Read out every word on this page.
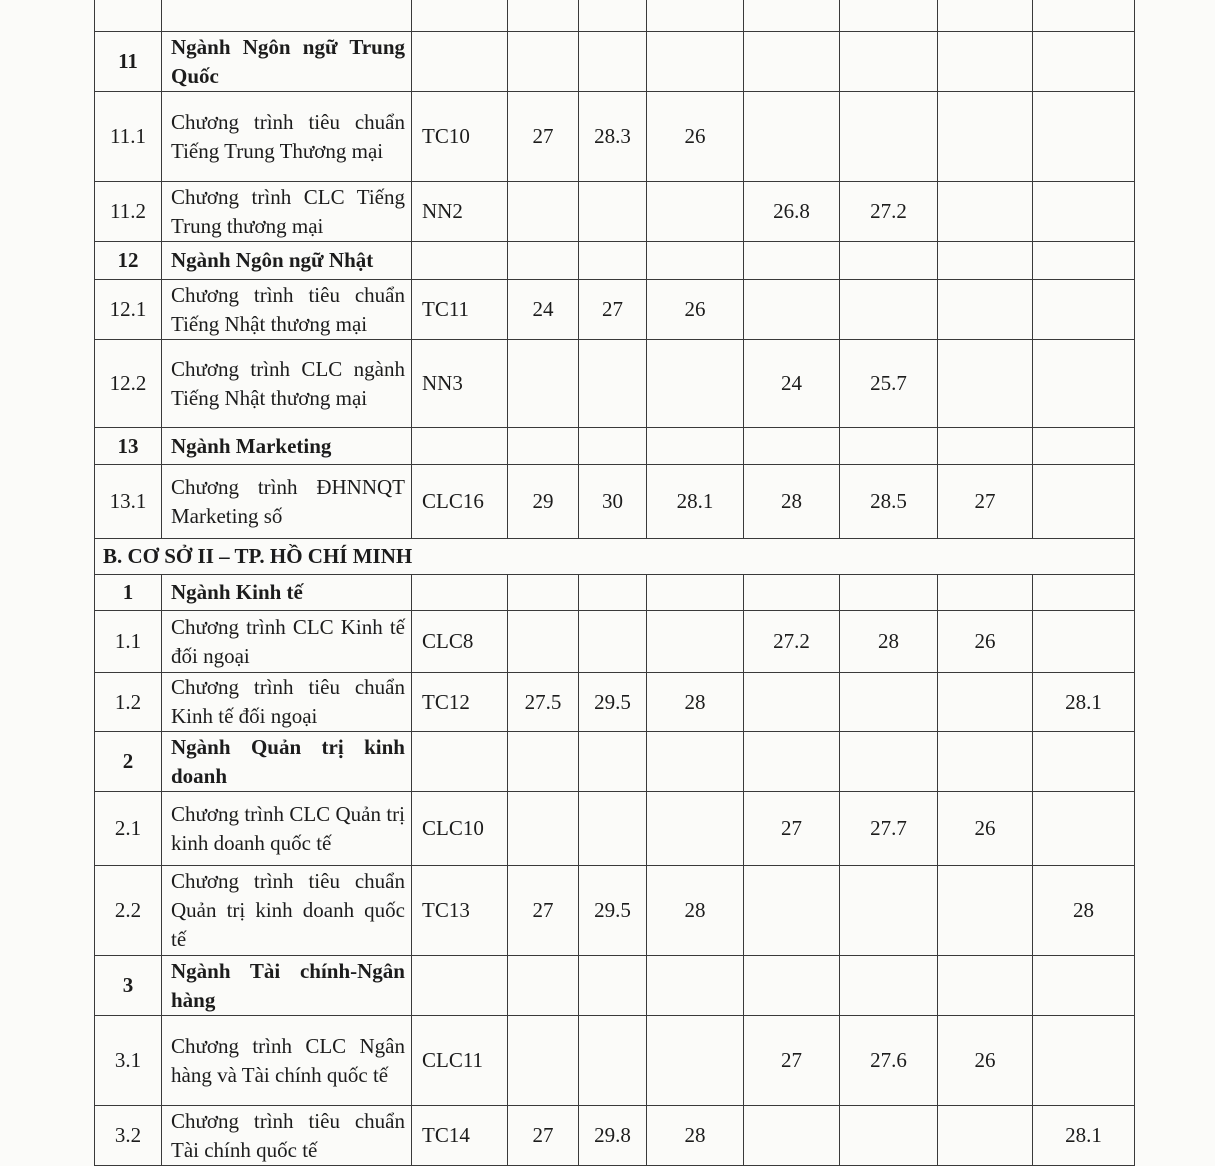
11	Ngành Ngôn ngữ Trung Quốc								
11.1	Chương trình tiêu chuẩn Tiếng Trung Thương mại	TC10	27	28.3	26				
11.2	Chương trình CLC Tiếng Trung thương mại	NN2				26.8	27.2		
12	Ngành Ngôn ngữ Nhật								
12.1	Chương trình tiêu chuẩn Tiếng Nhật thương mại	TC11	24	27	26				
12.2	Chương trình CLC ngành Tiếng Nhật thương mại	NN3				24	25.7		
13	Ngành Marketing								
13.1	Chương trình ĐHNNQT Marketing số	CLC16	29	30	28.1	28	28.5	27	
B. CƠ SỞ II – TP. HỒ CHÍ MINH									
1	Ngành Kinh tế								
1.1	Chương trình CLC Kinh tế đối ngoại	CLC8				27.2	28	26	
1.2	Chương trình tiêu chuẩn Kinh tế đối ngoại	TC12	27.5	29.5	28				28.1
2	Ngành Quản trị kinh doanh								
2.1	Chương trình CLC Quản trị kinh doanh quốc tế	CLC10				27	27.7	26	
2.2	Chương trình tiêu chuẩn Quản trị kinh doanh quốc tế	TC13	27	29.5	28				28
3	Ngành Tài chính-Ngân hàng								
3.1	Chương trình CLC Ngân hàng và Tài chính quốc tế	CLC11				27	27.6	26	
3.2	Chương trình tiêu chuẩn Tài chính quốc tế	TC14	27	29.8	28				28.1
